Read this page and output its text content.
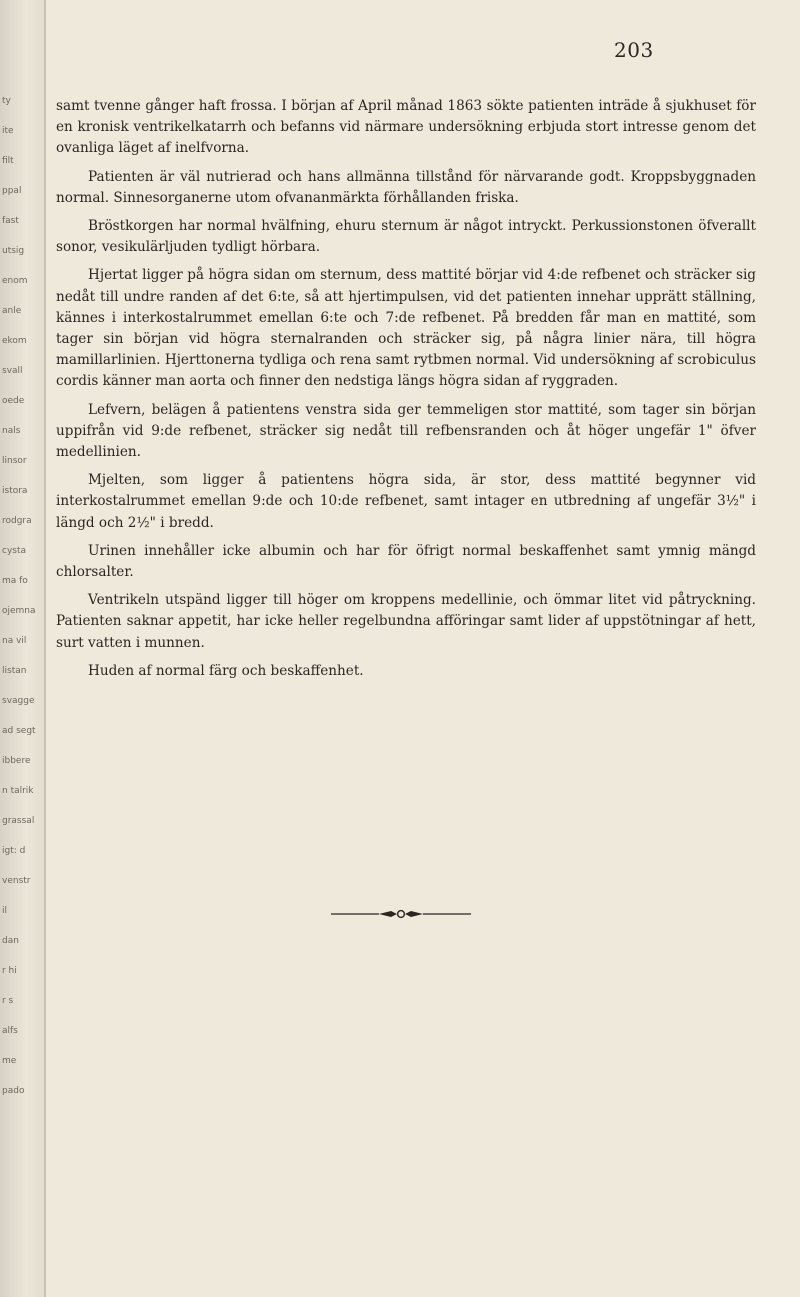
ty
ite
filt
ppal
fast
utsig
enom
anle
ekom
svall
oede
nals
linsor
istora
rodgra
cysta
ma fo
ojemna
na vil
listan
svagge
ad segt
ibbere
n talrik
grassal
igt: d
venstr
il
dan
r hi
r s
alfs
me
pado
203

samt tvenne gånger haft frossa. I början af April månad 1863 sökte patienten inträde å sjukhuset för en kronisk ventrikelkatarrh och befanns vid närmare undersökning erbjuda stort intresse genom det ovanliga läget af inelfvorna.

Patienten är väl nutrierad och hans allmänna tillstånd för närvarande godt. Kroppsbyggnaden normal. Sinnesorganerne utom ofvananmärkta förhållanden friska.

Bröstkorgen har normal hvälfning, ehuru sternum är något intryckt. Perkussionstonen öfverallt sonor, vesikulärljuden tydligt hörbara.

Hjertat ligger på högra sidan om sternum, dess mattité börjar vid 4:de refbenet och sträcker sig nedåt till undre randen af det 6:te, så att hjertimpulsen, vid det patienten innehar upprätt ställning, kännes i interkostalrummet emellan 6:te och 7:de refbenet. På bredden får man en mattité, som tager sin början vid högra sternalranden och sträcker sig, på några linier nära, till högra mamillarlinien. Hjerttonerna tydliga och rena samt rytbmen normal. Vid undersökning af scrobiculus cordis känner man aorta och finner den nedstiga längs högra sidan af ryggraden.

Lefvern, belägen å patientens venstra sida ger temmeligen stor mattité, som tager sin början uppifrån vid 9:de refbenet, sträcker sig nedåt till refbensranden och åt höger ungefär 1" öfver medellinien.

Mjelten, som ligger å patientens högra sida, är stor, dess mattité begynner vid interkostalrummet emellan 9:de och 10:de refbenet, samt intager en utbredning af ungefär 3½" i längd och 2½" i bredd.

Urinen innehåller icke albumin och har för öfrigt normal beskaffenhet samt ymnig mängd chlorsalter.

Ventrikeln utspänd ligger till höger om kroppens medellinie, och ömmar litet vid påtryckning. Patienten saknar appetit, har icke heller regelbundna afföringar samt lider af uppstötningar af hett, surt vatten i munnen.

Huden af normal färg och beskaffenhet.
